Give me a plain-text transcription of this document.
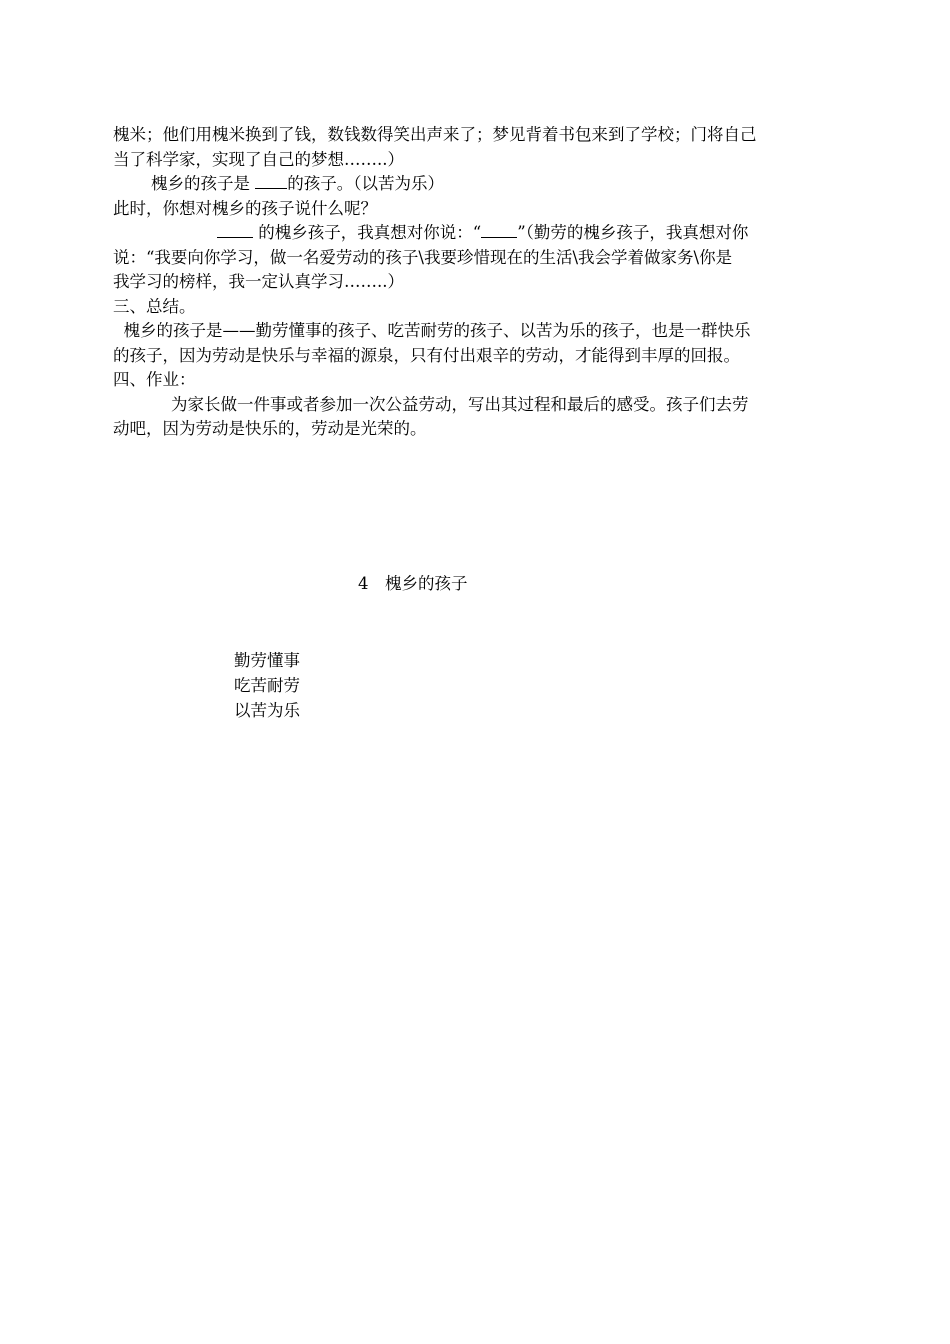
槐米；他们用槐米换到了钱，数钱数得笑出声来了；梦见背着书包来到了学校；门将自己
当了科学家，实现了自己的梦想……..）
槐乡的孩子是 的孩子。（以苦为乐）
此时，你想对槐乡的孩子说什么呢？
的槐乡孩子，我真想对你说：“ ”（勤劳的槐乡孩子，我真想对你
说：“我要向你学习，做一名爱劳动的孩子\我要珍惜现在的生活\我会学着做家务\你是
我学习的榜样，我一定认真学习……..）
三、总结。
槐乡的孩子是——勤劳懂事的孩子、吃苦耐劳的孩子、以苦为乐的孩子，也是一群快乐
的孩子，因为劳动是快乐与幸福的源泉，只有付出艰辛的劳动，才能得到丰厚的回报。
四、作业：
为家长做一件事或者参加一次公益劳动，写出其过程和最后的感受。孩子们去劳
动吧，因为劳动是快乐的，劳动是光荣的。
4　槐乡的孩子
勤劳懂事
吃苦耐劳
以苦为乐
